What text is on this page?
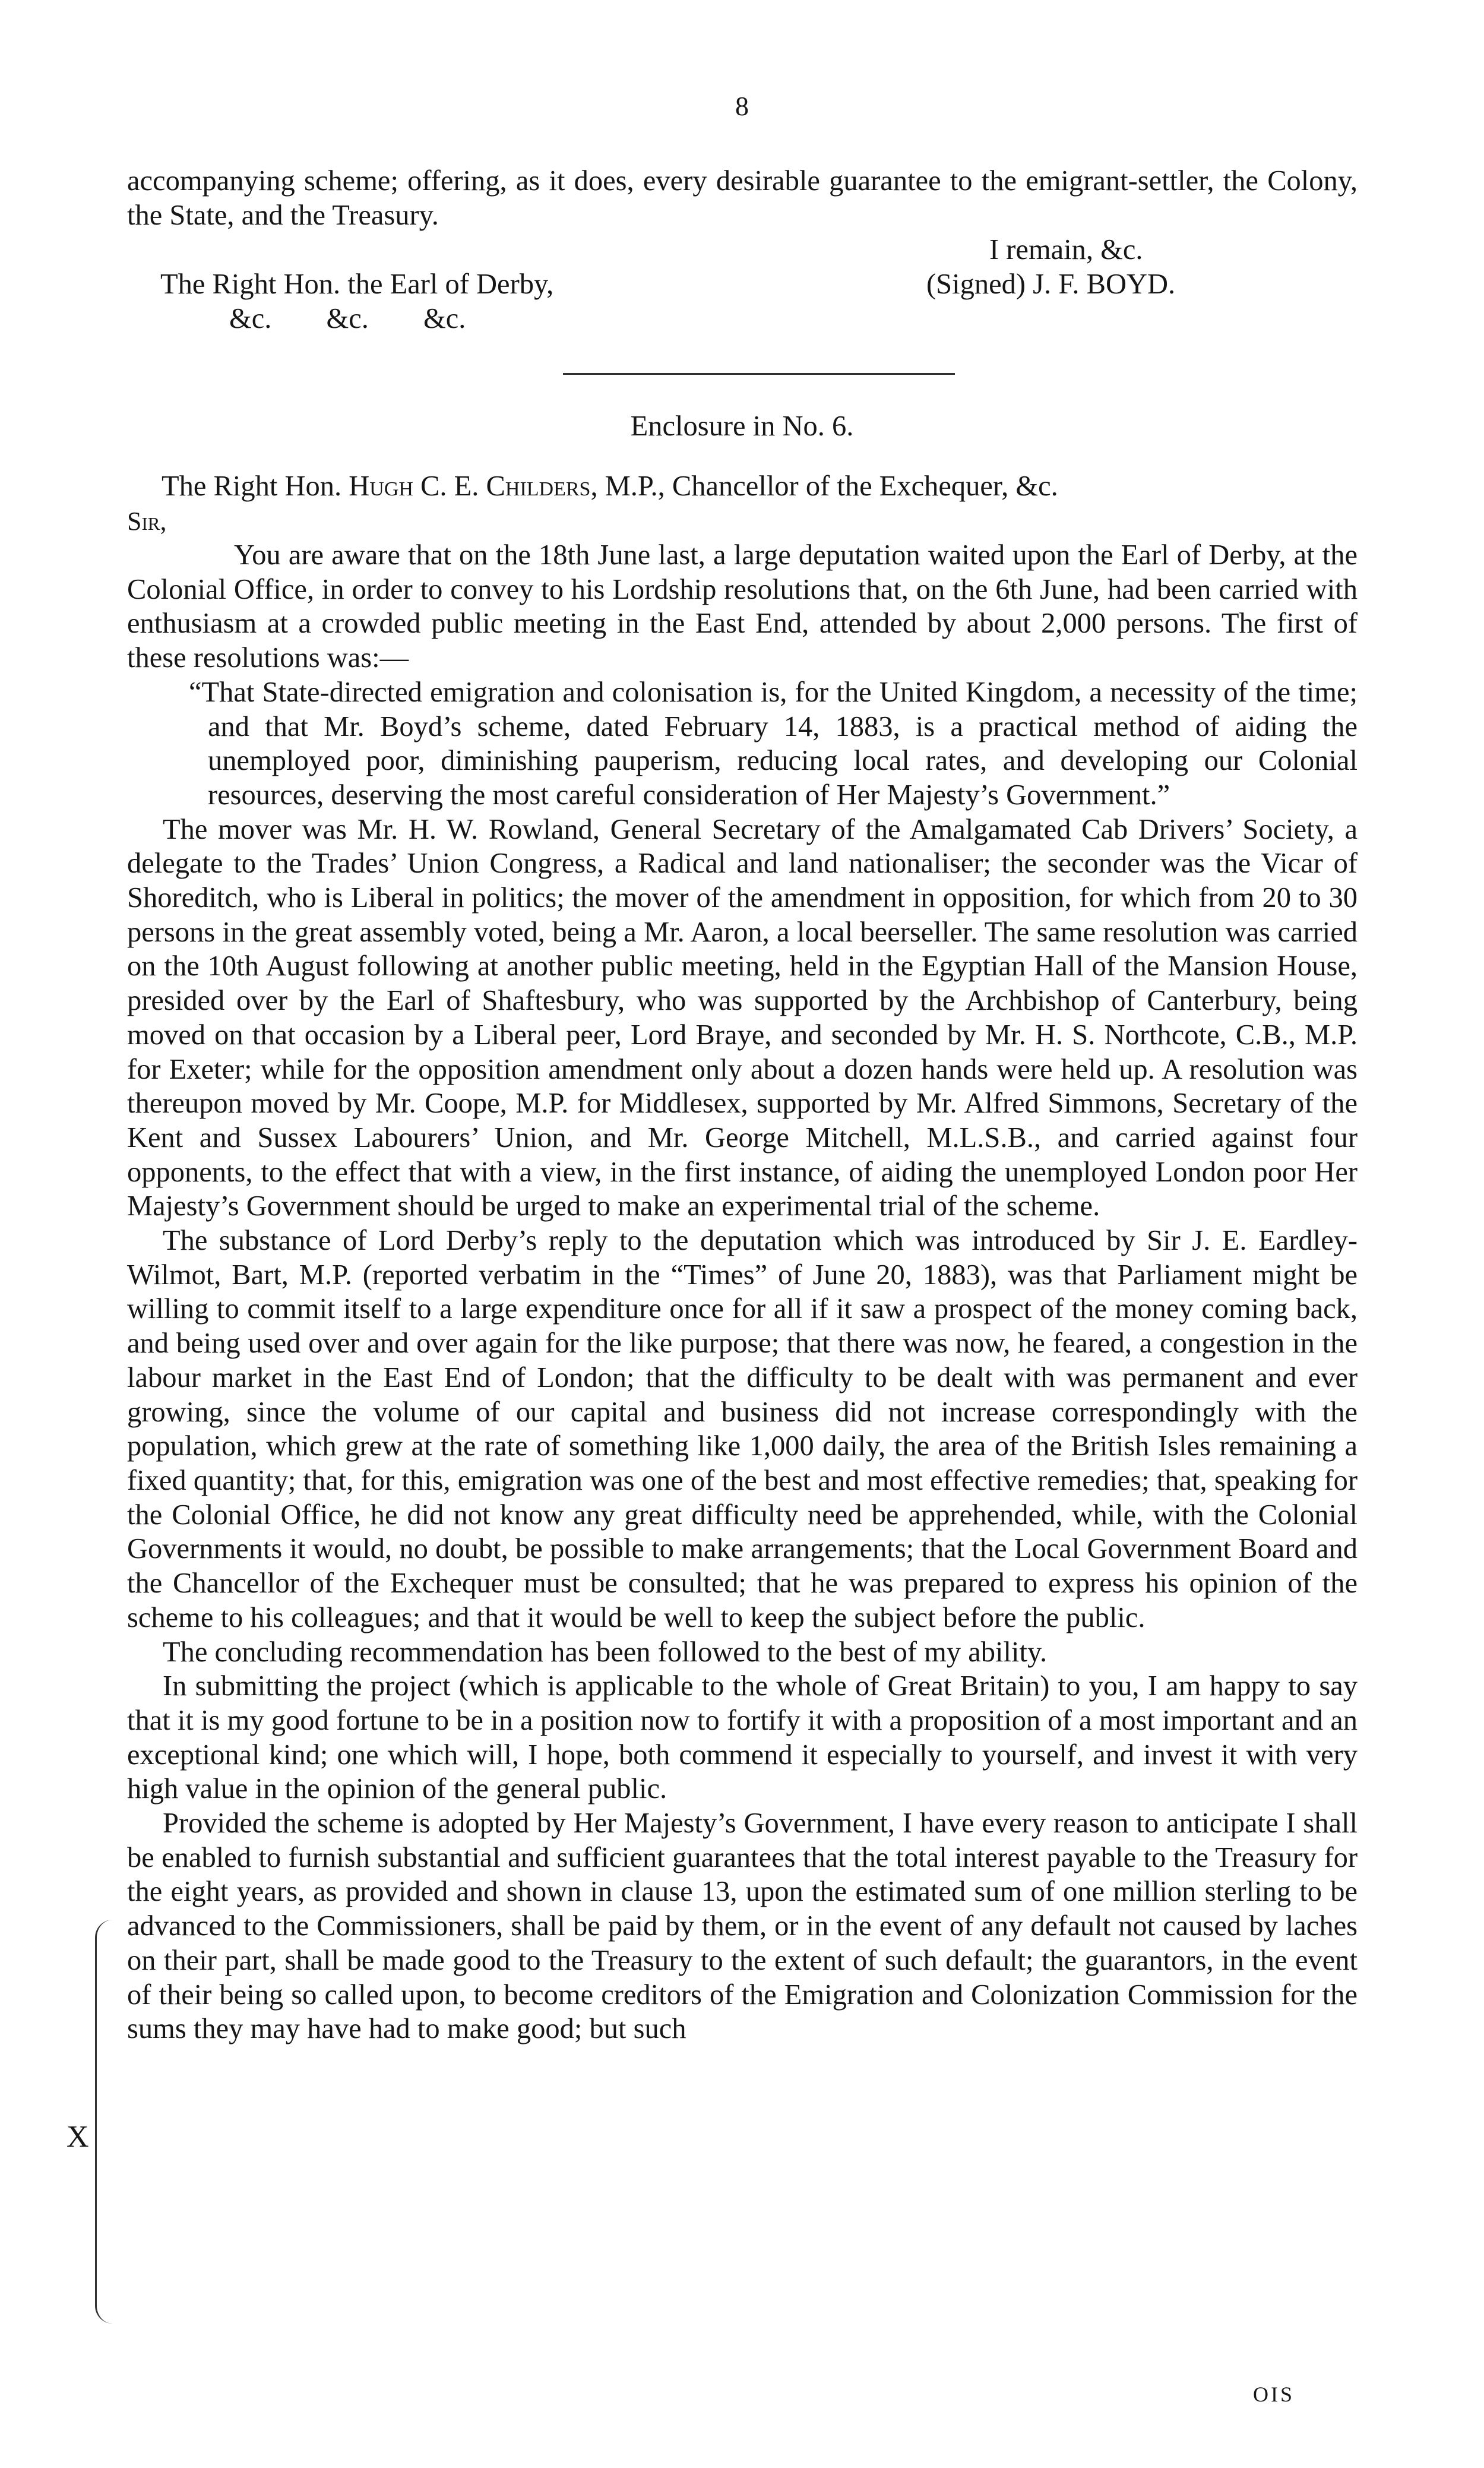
8

accompanying scheme; offering, as it does, every desirable guarantee to the emigrant-settler, the Colony, the State, and the Treasury.

I remain, &c.
The Right Hon. the Earl of Derby,
&c. &c. &c.
(Signed) J. F. BOYD.
Enclosure in No. 6.
The Right Hon. Hugh C. E. Childers, M.P., Chancellor of the Exchequer, &c.
Sir,

You are aware that on the 18th June last, a large deputation waited upon the Earl of Derby, at the Colonial Office, in order to convey to his Lordship resolutions that, on the 6th June, had been carried with enthusiasm at a crowded public meeting in the East End, attended by about 2,000 persons. The first of these resolutions was:—

“That State-directed emigration and colonisation is, for the United Kingdom, a necessity of the time; and that Mr. Boyd’s scheme, dated February 14, 1883, is a practical method of aiding the unemployed poor, diminishing pauperism, reducing local rates, and developing our Colonial resources, deserving the most careful consideration of Her Majesty’s Government.”

The mover was Mr. H. W. Rowland, General Secretary of the Amalgamated Cab Drivers’ Society, a delegate to the Trades’ Union Congress, a Radical and land nationaliser; the seconder was the Vicar of Shoreditch, who is Liberal in politics; the mover of the amendment in opposition, for which from 20 to 30 persons in the great assembly voted, being a Mr. Aaron, a local beerseller. The same resolution was carried on the 10th August following at another public meeting, held in the Egyptian Hall of the Mansion House, presided over by the Earl of Shaftesbury, who was supported by the Archbishop of Canterbury, being moved on that occasion by a Liberal peer, Lord Braye, and seconded by Mr. H. S. Northcote, C.B., M.P. for Exeter; while for the opposition amendment only about a dozen hands were held up. A resolution was thereupon moved by Mr. Coope, M.P. for Middlesex, supported by Mr. Alfred Simmons, Secretary of the Kent and Sussex Labourers’ Union, and Mr. George Mitchell, M.L.S.B., and carried against four opponents, to the effect that with a view, in the first instance, of aiding the unemployed London poor Her Majesty’s Government should be urged to make an experimental trial of the scheme.

The substance of Lord Derby’s reply to the deputation which was introduced by Sir J. E. Eardley-Wilmot, Bart, M.P. (reported verbatim in the “Times” of June 20, 1883), was that Parliament might be willing to commit itself to a large expenditure once for all if it saw a prospect of the money coming back, and being used over and over again for the like purpose; that there was now, he feared, a congestion in the labour market in the East End of London; that the difficulty to be dealt with was permanent and ever growing, since the volume of our capital and business did not increase correspondingly with the population, which grew at the rate of something like 1,000 daily, the area of the British Isles remaining a fixed quantity; that, for this, emigration was one of the best and most effective remedies; that, speaking for the Colonial Office, he did not know any great difficulty need be apprehended, while, with the Colonial Governments it would, no doubt, be possible to make arrangements; that the Local Government Board and the Chancellor of the Exchequer must be consulted; that he was prepared to express his opinion of the scheme to his colleagues; and that it would be well to keep the subject before the public.

The concluding recommendation has been followed to the best of my ability.

In submitting the project (which is applicable to the whole of Great Britain) to you, I am happy to say that it is my good fortune to be in a position now to fortify it with a proposition of a most important and an exceptional kind; one which will, I hope, both commend it especially to yourself, and invest it with very high value in the opinion of the general public.

Provided the scheme is adopted by Her Majesty’s Government, I have every reason to anticipate I shall be enabled to furnish substantial and sufficient guarantees that the total interest payable to the Treasury for the eight years, as provided and shown in clause 13, upon the estimated sum of one million sterling to be advanced to the Commissioners, shall be paid by them, or in the event of any default not caused by laches on their part, shall be made good to the Treasury to the extent of such default; the guarantors, in the event of their being so called upon, to become creditors of the Emigration and Colonization Commission for the sums they may have had to make good; but such

X
OIS
